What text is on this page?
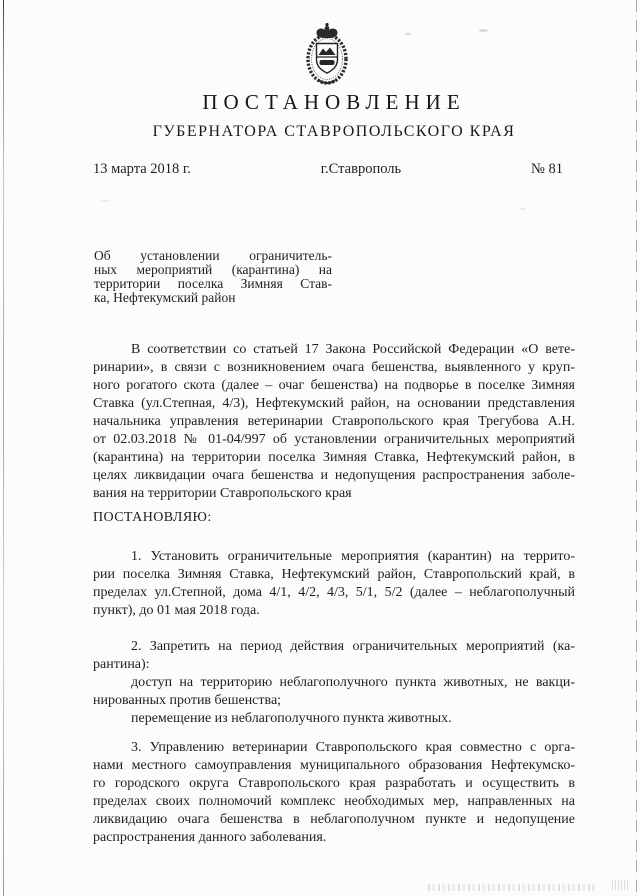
ПОСТАНОВЛЕНИЕ
ГУБЕРНАТОРА СТАВРОПОЛЬСКОГО КРАЯ
13 марта 2018 г.	г.Ставрополь	№ 81
Об установлении ограничитель-
ных мероприятий (карантина) на
территории поселка Зимняя Став-
ка, Нефтекумский район
В соответствии со статьей 17 Закона Российской Федерации «О вете-
ринарии», в связи с возникновением очага бешенства, выявленного у круп-
ного рогатого скота (далее – очаг бешенства) на подворье в поселке Зимняя
Ставка (ул.Степная, 4/3), Нефтекумский район, на основании представления
начальника управления ветеринарии Ставропольского края Трегубова А.Н.
от 02.03.2018 № 01-04/997 об установлении ограничительных мероприятий
(карантина) на территории поселка Зимняя Ставка, Нефтекумский район, в
целях ликвидации очага бешенства и недопущения распространения заболе-
вания на территории Ставропольского края
ПОСТАНОВЛЯЮ:
1. Установить ограничительные мероприятия (карантин) на террито-
рии поселка Зимняя Ставка, Нефтекумский район, Ставропольский край, в
пределах ул.Степной, дома 4/1, 4/2, 4/3, 5/1, 5/2 (далее – неблагополучный
пункт), до 01 мая 2018 года.
2. Запретить на период действия ограничительных мероприятий (ка-
рантина):
доступ на территорию неблагополучного пункта животных, не вакци-
нированных против бешенства;
перемещение из неблагополучного пункта животных.
3. Управлению ветеринарии Ставропольского края совместно с орга-
нами местного самоуправления муниципального образования Нефтекумско-
го городского округа Ставропольского края разработать и осуществить в
пределах своих полномочий комплекс необходимых мер, направленных на
ликвидацию очага бешенства в неблагополучном пункте и недопущение
распространения данного заболевания.
